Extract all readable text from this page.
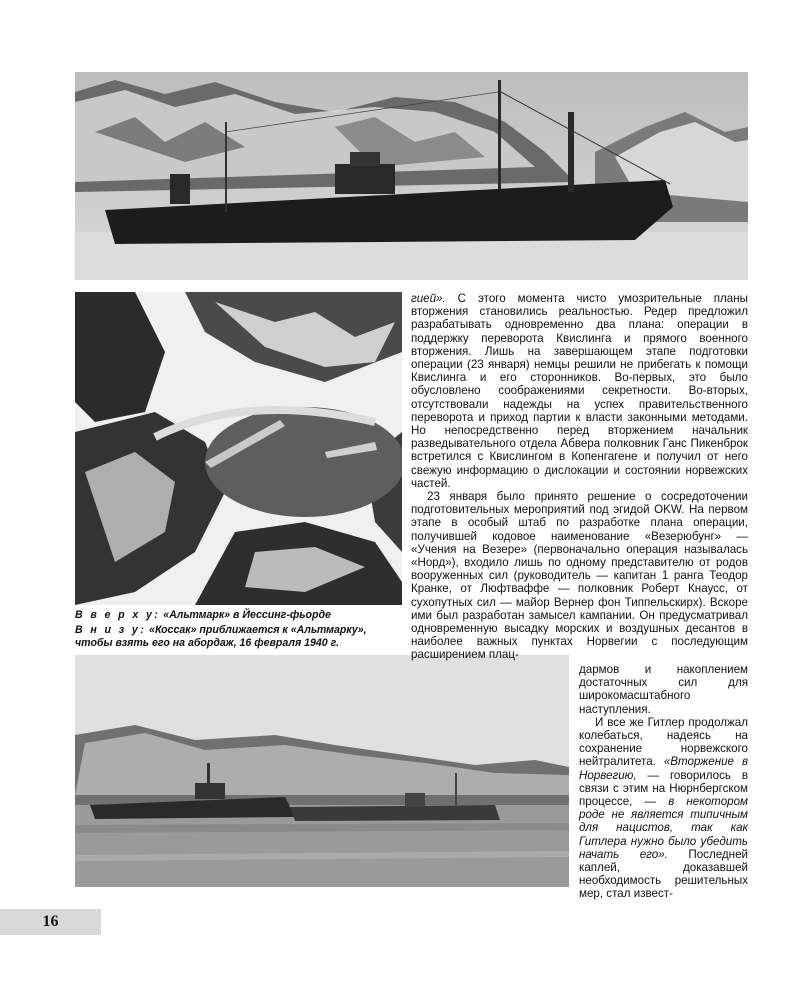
В в е р х у: «Альтмарк» в Йессинг-фьорде

В н и з у: «Коссак» приближается к «Альтмарку», чтобы взять его на абордаж, 16 февраля 1940 г.

гией». С этого момента чисто умозрительные планы вторжения становились реальностью. Редер предложил разрабатывать одновременно два плана: операции в поддержку переворота Квислинга и прямого военного вторжения. Лишь на завершающем этапе подготовки операции (23 января) немцы решили не прибегать к помощи Квислинга и его сторонников. Во-первых, это было обусловлено соображениями секретности. Во-вторых, отсутствовали надежды на успех правительственного переворота и приход партии к власти законными методами. Но непосредственно перед вторжением начальник разведывательного отдела Абвера полковник Ганс Пикенброк встретился с Квислингом в Копенгагене и получил от него свежую информацию о дислокации и состоянии норвежских частей.

23 января было принято решение о сосредоточении подготовительных мероприятий под эгидой OKW. На первом этапе в особый штаб по разработке плана операции, получившей кодовое наименование «Везерюбунг» — «Учения на Везере» (первоначально операция называлась «Норд»), входило лишь по одному представителю от родов вооруженных сил (руководитель — капитан 1 ранга Теодор Кранке, от Люфтваффе — полковник Роберт Кнаусс, от сухопутных сил — майор Вернер фон Типпельскирх). Вскоре ими был разработан замысел кампании. Он предусматривал одновременную высадку морских и воздушных десантов в наиболее важных пунктах Норвегии с последующим расширением плац-

дармов и накоплением достаточных сил для широкомасштабного наступления.

И все же Гитлер продолжал колебаться, надеясь на сохранение норвежского нейтралитета. «Вторжение в Норвегию, — говорилось в связи с этим на Нюрнбергском процессе, — в некотором роде не является типичным для нацистов, так как Гитлера нужно было убедить начать его». Последней каплей, доказавшей необходимость решительных мер, стал извест-

16
